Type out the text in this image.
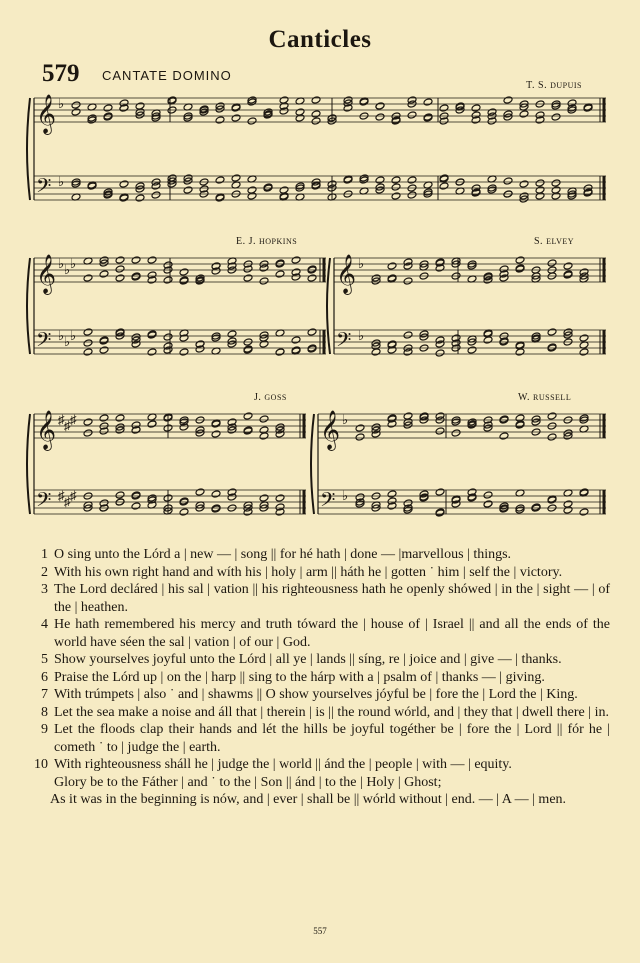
Canticles
579 CANTATE DOMINO
T. S. DUPUIS
E. J. HOPKINS	S. ELVEY
J. GOSS	W. RUSSELL
𝄞
𝄢
♭
♭
𝄞
𝄢
♭ ♭ ♭
♭ ♭ ♭
𝄞
𝄢
♭
♭
𝄞
𝄢
♯ ♯ ♯
♯ ♯ ♯
𝄞
𝄢
♭
♭
1 O sing unto the Lórd a | new — | song || for hé hath | done — |marvellous | things.
2 With his own right hand and wíth his | holy | arm || háth he | gotten ˙ him | self the | victory.
3 The Lord decláred | his sal | vation || his righteousness hath he openly shówed | in the | sight — | of the | heathen.
4 He hath remembered his mercy and truth tóward the | house of | Israel || and all the ends of the world have séen the sal | vation | of our | God.
5 Show yourselves joyful unto the Lórd | all ye | lands || síng, re | joice and | give — | thanks.
6 Praise the Lórd up | on the | harp || sing to the hárp with a | psalm of | thanks — | giving.
7 With trúmpets | also ˙ and | shawms || O show yourselves jóyful be | fore the | Lord the | King.
8 Let the sea make a noise and áll that | therein | is || the round wórld, and | they that | dwell there | in.
9 Let the floods clap their hands and lét the hills be joyful togéther be | fore the | Lord || fór he | cometh ˙ to | judge the | earth.
10 With righteousness sháll he | judge the | world || ánd the | people | with — | equity.
Glory be to the Fáther | and ˙ to the | Son || ánd | to the | Holy | Ghost;
As it was in the beginning is nów, and | ever | shall be || wórld without | end. — | A — | men.
557
